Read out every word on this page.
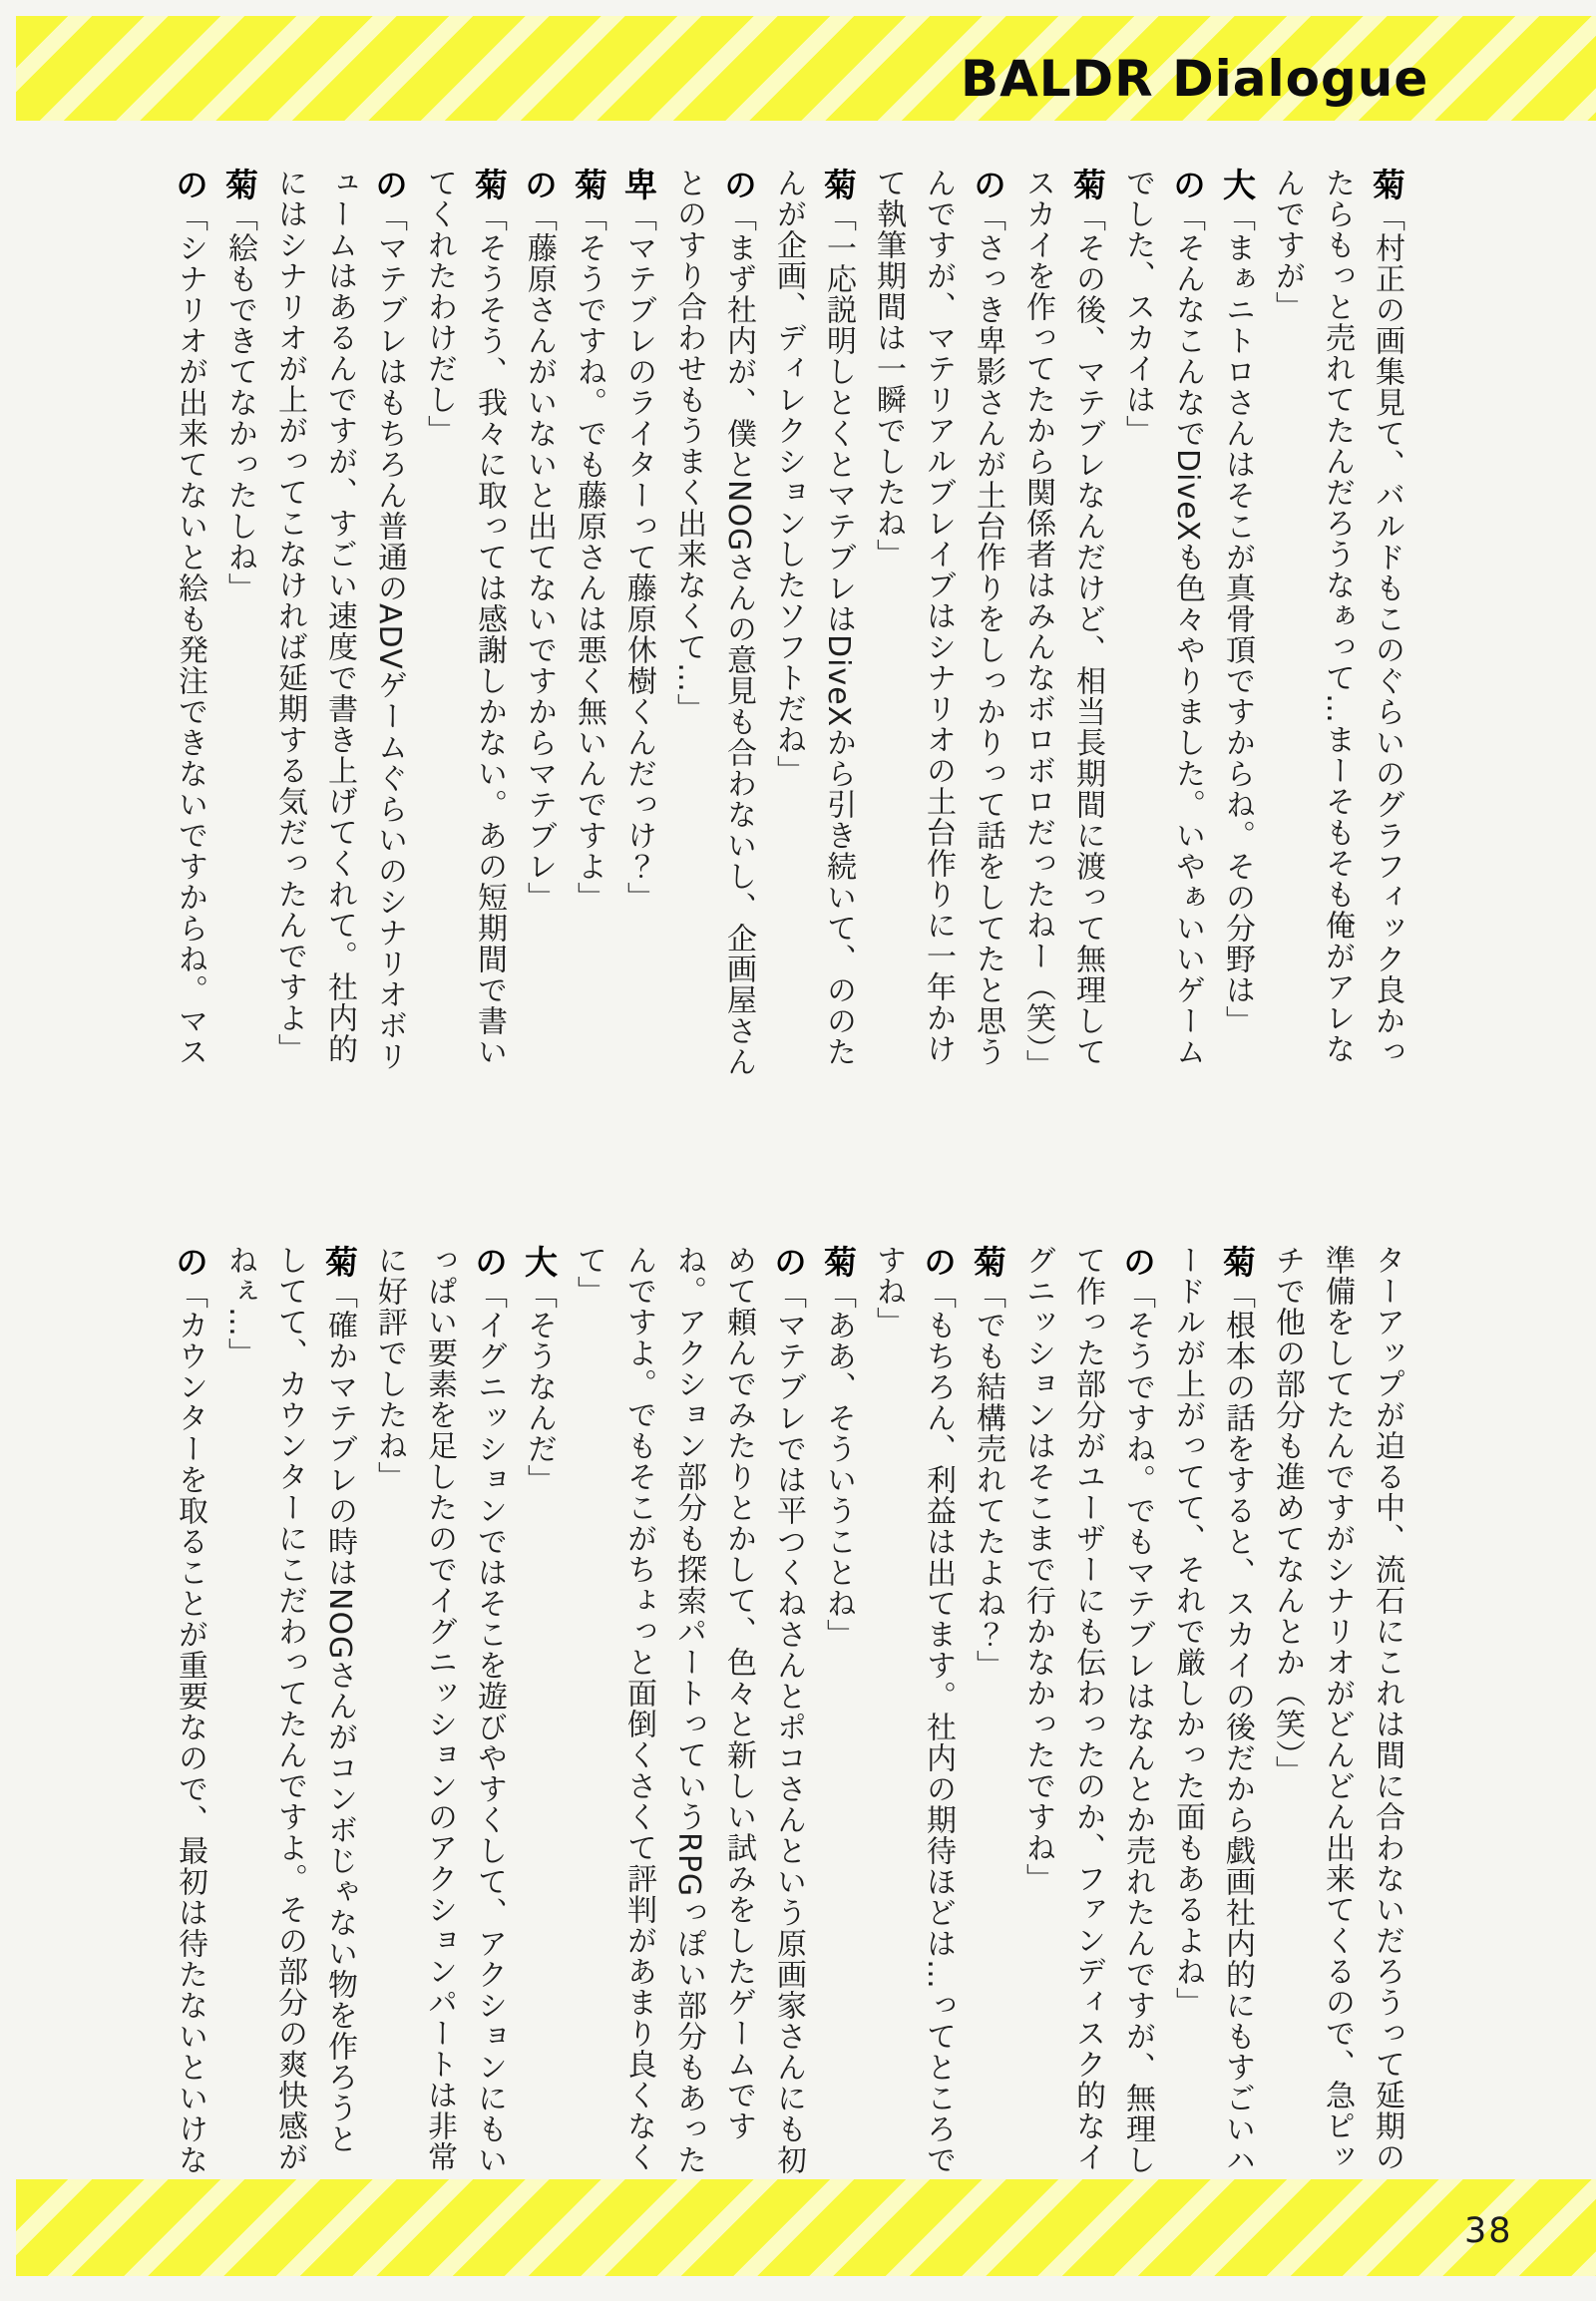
BALDR Dialogue

菊「村正の画集見て、バルドもこのぐらいのグラフィック良かったらもっと売れてたんだろうなぁって…まーそもそも俺がアレなんですが」

大「まぁニトロさんはそこが真骨頂ですからね。その分野は」

の「そんなこんなでDiveXも色々やりました。いやぁいいゲームでした、スカイは」

菊「その後、マテブレなんだけど、相当長期間に渡って無理してスカイを作ってたから関係者はみんなボロボロだったねー（笑）」

の「さっき卑影さんが土台作りをしっかりって話をしてたと思うんですが、マテリアルブレイブはシナリオの土台作りに一年かけて執筆期間は一瞬でしたね」

菊「一応説明しとくとマテブレはDiveXから引き続いて、ののたんが企画、ディレクションしたソフトだね」

の「まず社内が、僕とNOGさんの意見も合わないし、企画屋さんとのすり合わせもうまく出来なくて…」

卑「マテブレのライターって藤原休樹くんだっけ？」

菊「そうですね。でも藤原さんは悪く無いんですよ」

の「藤原さんがいないと出てないですからマテブレ」

菊「そうそう、我々に取っては感謝しかない。あの短期間で書いてくれたわけだし」

の「マテブレはもちろん普通のADVゲームぐらいのシナリオボリュームはあるんですが、すごい速度で書き上げてくれて。社内的にはシナリオが上がってこなければ延期する気だったんですよ」

菊「絵もできてなかったしね」

の「シナリオが出来てないと絵も発注できないですからね。マス

ターアップが迫る中、流石にこれは間に合わないだろうって延期の準備をしてたんですがシナリオがどんどん出来てくるので、急ピッチで他の部分も進めてなんとか（笑）」

菊「根本の話をすると、スカイの後だから戯画社内的にもすごいハードルが上がってて、それで厳しかった面もあるよね」

の「そうですね。でもマテブレはなんとか売れたんですが、無理して作った部分がユーザーにも伝わったのか、ファンディスク的なイグニッションはそこまで行かなかったですね」

菊「でも結構売れてたよね？」

の「もちろん、利益は出てます。社内の期待ほどは…ってところですね」

菊「ああ、そういうことね」

の「マテブレでは平つくねさんとポコさんという原画家さんにも初めて頼んでみたりとかして、色々と新しい試みをしたゲームですね。アクション部分も探索パートっていうRPGっぽい部分もあったんですよ。でもそこがちょっと面倒くさくて評判があまり良くなくて」

大「そうなんだ」

の「イグニッションではそこを遊びやすくして、アクションにもいっぱい要素を足したのでイグニッションのアクションパートは非常に好評でしたね」

菊「確かマテブレの時はNOGさんがコンボじゃない物を作ろうとしてて、カウンターにこだわってたんですよ。その部分の爽快感がねぇ…」

の「カウンターを取ることが重要なので、最初は待たないといけな

38
